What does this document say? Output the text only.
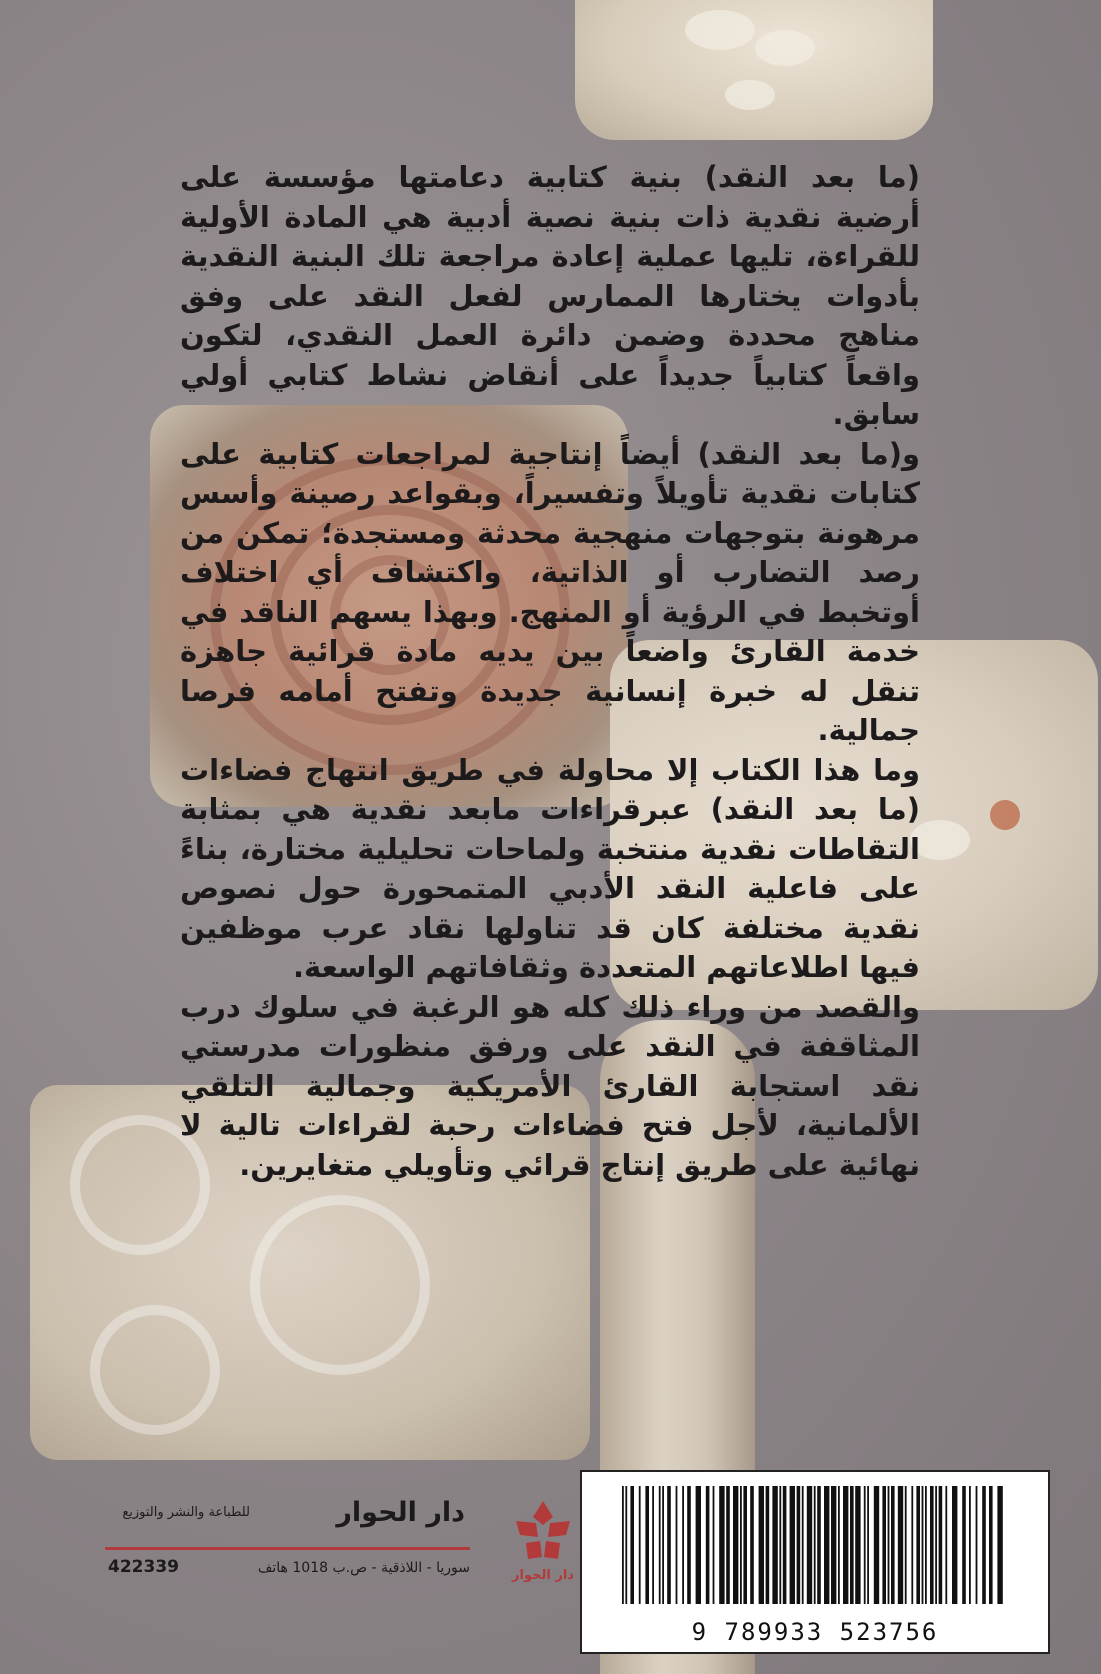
(ما بعد النقد) بنية كتابية دعامتها مؤسسة على أرضية نقدية ذات بنية نصية أدبية هي المادة الأولية للقراءة، تليها عملية إعادة مراجعة تلك البنية النقدية بأدوات يختارها الممارس لفعل النقد على وفق مناهج محددة وضمن دائرة العمل النقدي، لتكون واقعاً كتابياً جديداً على أنقاض نشاط كتابي أولي سابق.

و(ما بعد النقد) أيضاً إنتاجية لمراجعات كتابية على كتابات نقدية تأويلاً وتفسيراً، وبقواعد رصينة وأسس مرهونة بتوجهات منهجية محدثة ومستجدة؛ تمكن من رصد التضارب أو الذاتية، واكتشاف أي اختلاف أوتخبط في الرؤية أو المنهج. وبهذا يسهم الناقد في خدمة القارئ واضعاً بين يديه مادة قرائية جاهزة تنقل له خبرة إنسانية جديدة وتفتح أمامه فرصا جمالية.

وما هذا الكتاب إلا محاولة في طريق انتهاج فضاءات (ما بعد النقد) عبرقراءات مابعد نقدية هي بمثابة التقاطات نقدية منتخبة ولماحات تحليلية مختارة، بناءً على فاعلية النقد الأدبي المتمحورة حول نصوص نقدية مختلفة كان قد تناولها نقاد عرب موظفين فيها اطلاعاتهم المتعددة وثقافاتهم الواسعة.

والقصد من وراء ذلك كله هو الرغبة في سلوك درب المثاقفة في النقد على ورفق منظورات مدرستي نقد استجابة القارئ الأمريكية وجمالية التلقي الألمانية، لأجل فتح فضاءات رحبة لقراءات تالية لا نهائية على طريق إنتاج قرائي وتأويلي متغايرين.

دار الحوار
دار الحوار
للطباعة والنشر والتوزيع
سوريا - اللاذقية - ص.ب 1018 هاتف
422339
9 789933 523756
